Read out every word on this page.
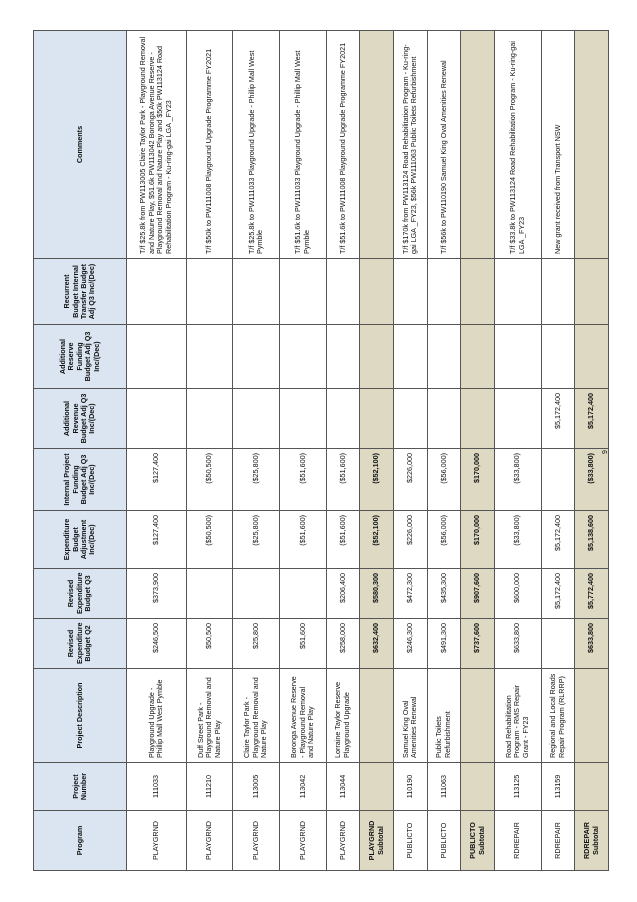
Program	Project Number	Project Description	Revised Expenditure Budget Q2	Revised Expenditure Budget Q3	Expenditure Budget Adjustment Inc/(Dec)	Internal Project Funding Budget Adj Q3 Inc/(Dec)	Additional Revenue Budget Adj Q3 Inc/(Dec)	Additional Reserve Funding Budget Adj Q3 Inc/(Dec)	Recurrent Budget Internal Transfer Budget Adj Q3 Inc/(Dec)	Comments
PLAYGRND	111033	Playground Upgrade - Phillip Mall West Pymble	$246,500	$373,900	$127,400	$127,400				T/f $25.8k from PW113005 Claire Taylor Park - Playground Removal and Nature Play, $51.6k PW113042 Boronga Avenue Reserve - Playground Removal and Nature Play and $50k PW113124 Road Rehabilitation Program - Ku-ring-gai LGA _FY23
PLAYGRND	111210	Duff Street Park - Playground Removal and Nature Play	$50,500		($50,500)	($50,500)				T/f $50k to PW111008 Playground Upgrade Programme FY2021
PLAYGRND	113005	Claire Taylor Park - Playground Removal and Nature Play	$25,800		($25,800)	($25,800)				T/f $25.8k to PW111033 Playground Upgrade - Phillip Mall West Pymble
PLAYGRND	113042	Boronga Avenue Reserve - Playground Removal and Nature Play	$51,600		($51,600)	($51,600)				T/f $51.6k to PW111033 Playground Upgrade - Phillip Mall West Pymble
PLAYGRND	113044	Lorraine Taylor Reserve Playground Upgrade	$258,000	$206,400	($51,600)	($51,600)				T/f $51.6k to PW111008 Playground Upgrade Programme FY2021
PLAYGRND Subtotal			$632,400	$580,300	($52,100)	($52,100)				
PUBLICTO	110190	Samuel King Oval Amenities Renewal	$246,300	$472,300	$226,000	$226,000				T/f $170k from PW113124 Road Rehabilitation Program - Ku-ring-gai LGA _FY23, $56k PW111063 Public Toilets Refurbishment
PUBLICTO	111063	Public Toilets Refurbishment	$491,300	$435,300	($56,000)	($56,000)				T/f $56k to PW110190 Samuel King Oval Amenities Renewal
PUBLICTO Subtotal			$737,600	$907,600	$170,000	$170,000				
RDREPAIR	113125	Road Rehabilitation Program - RMS Repair Grant - FY23	$633,800	$600,000	($33,800)	($33,800)				T/f $33.8k to PW113124 Road Rehabilitation Program - Ku-ring-gai LGA _FY23
RDREPAIR	113159	Regional and Local Roads Repair Program (RLRRP)		$5,172,400	$5,172,400		$5,172,400			New grant received from Transport NSW
RDREPAIR Subtotal			$633,800	$5,772,400	$5,138,600	($33,800)	$5,172,400			
9
